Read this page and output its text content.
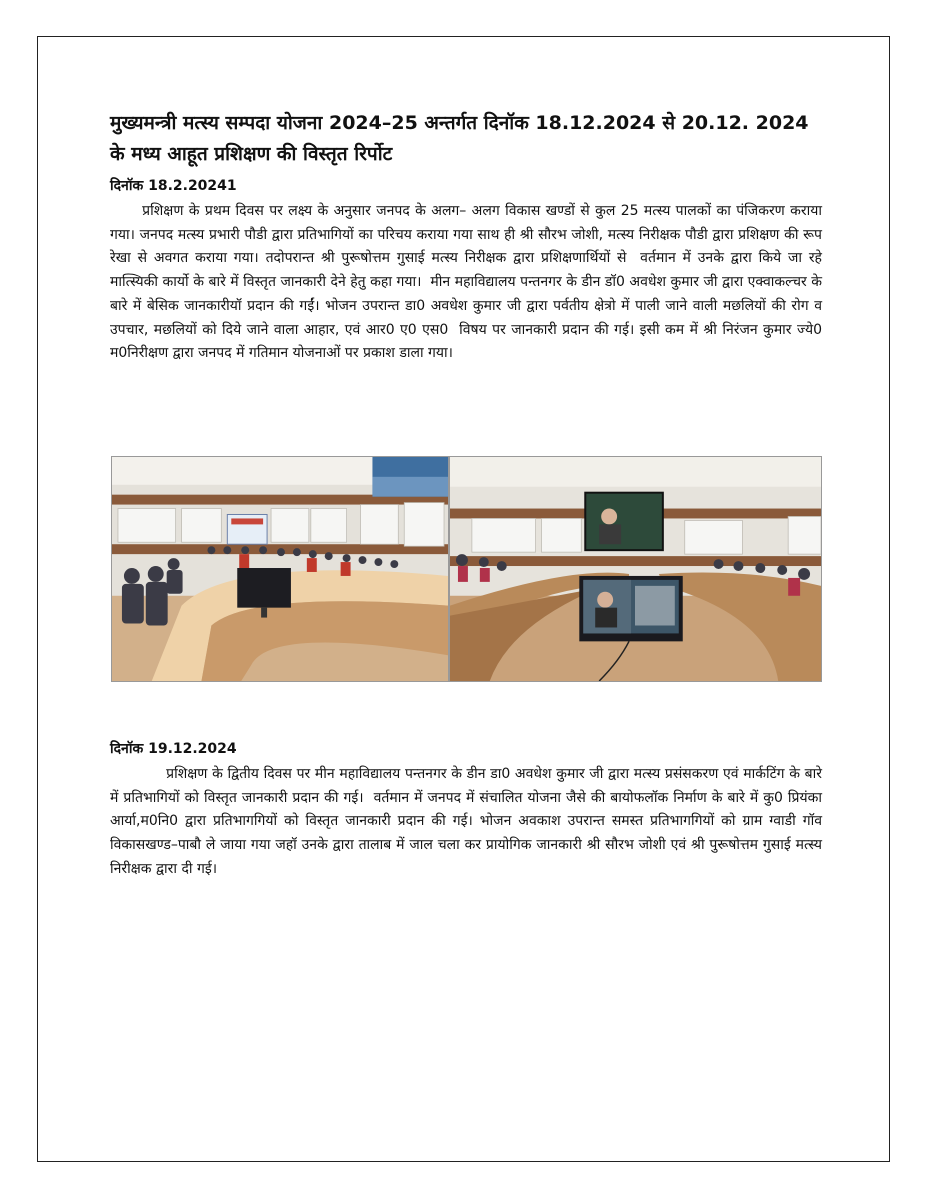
मुख्यमन्त्री मत्स्य सम्पदा योजना 2024–25 अन्तर्गत दिनॉक 18.12.2024 से 20.12. 2024 के मध्य आहूत प्रशिक्षण की विस्तृत रिर्पोट

दिनॉक 18.2.20241

प्रशिक्षण के प्रथम दिवस पर लक्ष्य के अनुसार जनपद के अलग– अलग विकास खण्डों से कुल 25 मत्स्य पालकों का पंजिकरण कराया गया। जनपद मत्स्य प्रभारी पौडी द्वारा प्रतिभागियों का परिचय कराया गया साथ ही श्री सौरभ जोशी, मत्स्य निरीक्षक पौडी द्वारा प्रशिक्षण की रूप रेखा से अवगत कराया गया। तदोपरान्त श्री पुरूषोत्तम गुसाई मत्स्य निरीक्षक द्वारा प्रशिक्षणार्थियों से  वर्तमान में उनके द्वारा किये जा रहे मात्स्यिकी कार्यो के बारे में विस्तृत जानकारी देने हेतु कहा गया।  मीन महाविद्यालय पन्तनगर के डीन डॉ0 अवधेश कुमार जी द्वारा एक्वाकल्चर के बारे में बेसिक जानकारीयॉ प्रदान की गईं। भोजन उपरान्त डा0 अवधेश कुमार जी द्वारा पर्वतीय क्षेत्रो में पाली जाने वाली मछलियों की रोग व उपचार, मछलियों को दिये जाने वाला आहार, एवं आर0 ए0 एस0  विषय पर जानकारी प्रदान की गई। इसी कम में श्री निरंजन कुमार ज्ये0 म0निरीक्षण द्वारा जनपद में गतिमान योजनाओं पर प्रकाश डाला गया।

दिनॉक 19.12.2024

प्रशिक्षण के द्वितीय दिवस पर मीन महाविद्यालय पन्तनगर के डीन डा0 अवधेश कुमार जी द्वारा मत्स्य प्रसंसकरण एवं मार्कटिंग के बारे में प्रतिभागियों को विस्तृत जानकारी प्रदान की गई।  वर्तमान में जनपद में संचालित योजना जैसे की बायोफलॉक निर्माण के बारे में कु0 प्रियंका आर्या,म0नि0 द्वारा प्रतिभागगियों को विस्तृत जानकारी प्रदान की गई। भोजन अवकाश उपरान्त समस्त प्रतिभागगियों को ग्राम ग्वाडी गॉव विकासखण्ड–पाबौ ले जाया गया जहॉ उनके द्वारा तालाब में जाल चला कर प्रायोगिक जानकारी श्री सौरभ जोशी एवं श्री पुरूषोत्तम गुसाई मत्स्य निरीक्षक द्वारा दी गई।
